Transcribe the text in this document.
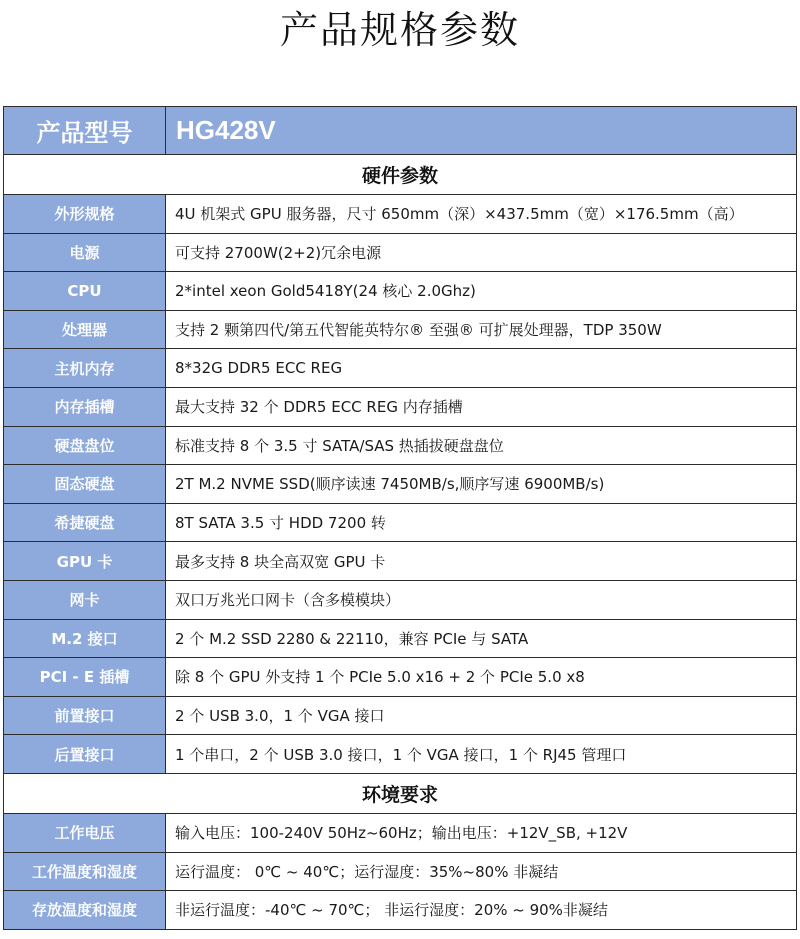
产品规格参数
产品型号	HG428V
硬件参数	
外形规格	4U 机架式 GPU 服务器，尺寸 650mm（深）×437.5mm（宽）×176.5mm（高）
电源	可支持 2700W(2+2)冗余电源
CPU	2*intel xeon Gold5418Y(24 核心 2.0Ghz)
处理器	支持 2 颗第四代/第五代智能英特尔® 至强® 可扩展处理器，TDP 350W
主机内存	8*32G DDR5 ECC REG
内存插槽	最大支持 32 个 DDR5 ECC REG 内存插槽
硬盘盘位	标准支持 8 个 3.5 寸 SATA/SAS 热插拔硬盘盘位
固态硬盘	2T M.2 NVME SSD(顺序读速 7450MB/s,顺序写速 6900MB/s)
希捷硬盘	8T SATA 3.5 寸 HDD 7200 转
GPU 卡	最多支持 8 块全高双宽 GPU 卡
网卡	双口万兆光口网卡（含多模模块）
M.2 接口	2 个 M.2 SSD 2280 & 22110，兼容 PCIe 与 SATA
PCI - E 插槽	除 8 个 GPU 外支持 1 个 PCIe 5.0 x16 + 2 个 PCIe 5.0 x8
前置接口	2 个 USB 3.0，1 个 VGA 接口
后置接口	1 个串口，2 个 USB 3.0 接口，1 个 VGA 接口，1 个 RJ45 管理口
环境要求	
工作电压	输入电压：100-240V 50Hz~60Hz；输出电压：+12V_SB, +12V
工作温度和湿度	运行温度： 0℃ ~ 40℃；运行湿度：35%~80% 非凝结
存放温度和湿度	非运行温度：-40℃ ~ 70℃； 非运行湿度：20% ~ 90%非凝结
